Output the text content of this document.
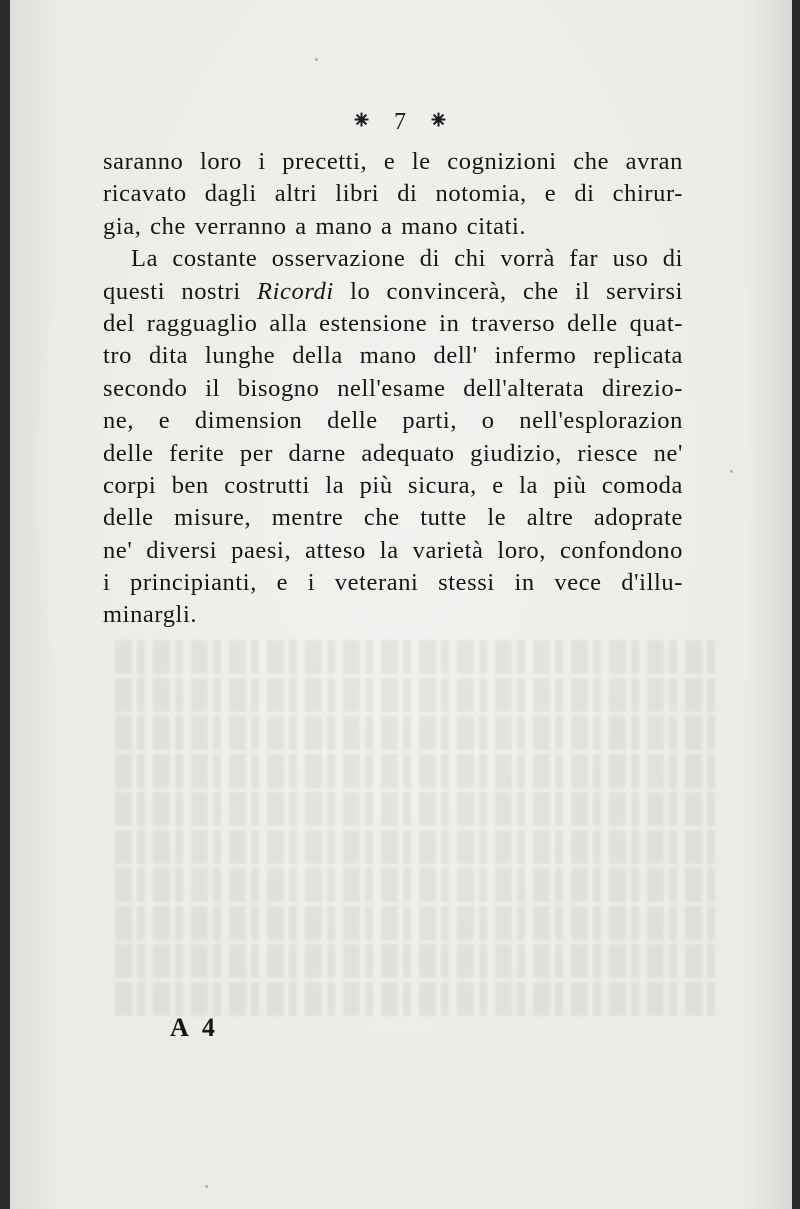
⁕ 7 ⁕
saranno loro i precetti, e le cognizioni che avran
ricavato dagli altri libri di notomia, e di chirur-
gia, che verranno a mano a mano citati.
La costante osservazione di chi vorrà far uso di
questi nostri Ricordi lo convincerà, che il servirsi
del ragguaglio alla estensione in traverso delle quat-
tro dita lunghe della mano dell' infermo replicata
secondo il bisogno nell'esame dell'alterata direzio-
ne, e dimension delle parti, o nell'esplorazion
delle ferite per darne adequato giudizio, riesce ne'
corpi ben costrutti la più sicura, e la più comoda
delle misure, mentre che tutte le altre adoprate
ne' diversi paesi, atteso la varietà loro, confondono
i principianti, e i veterani stessi in vece d'illu-
minargli.
A 4
